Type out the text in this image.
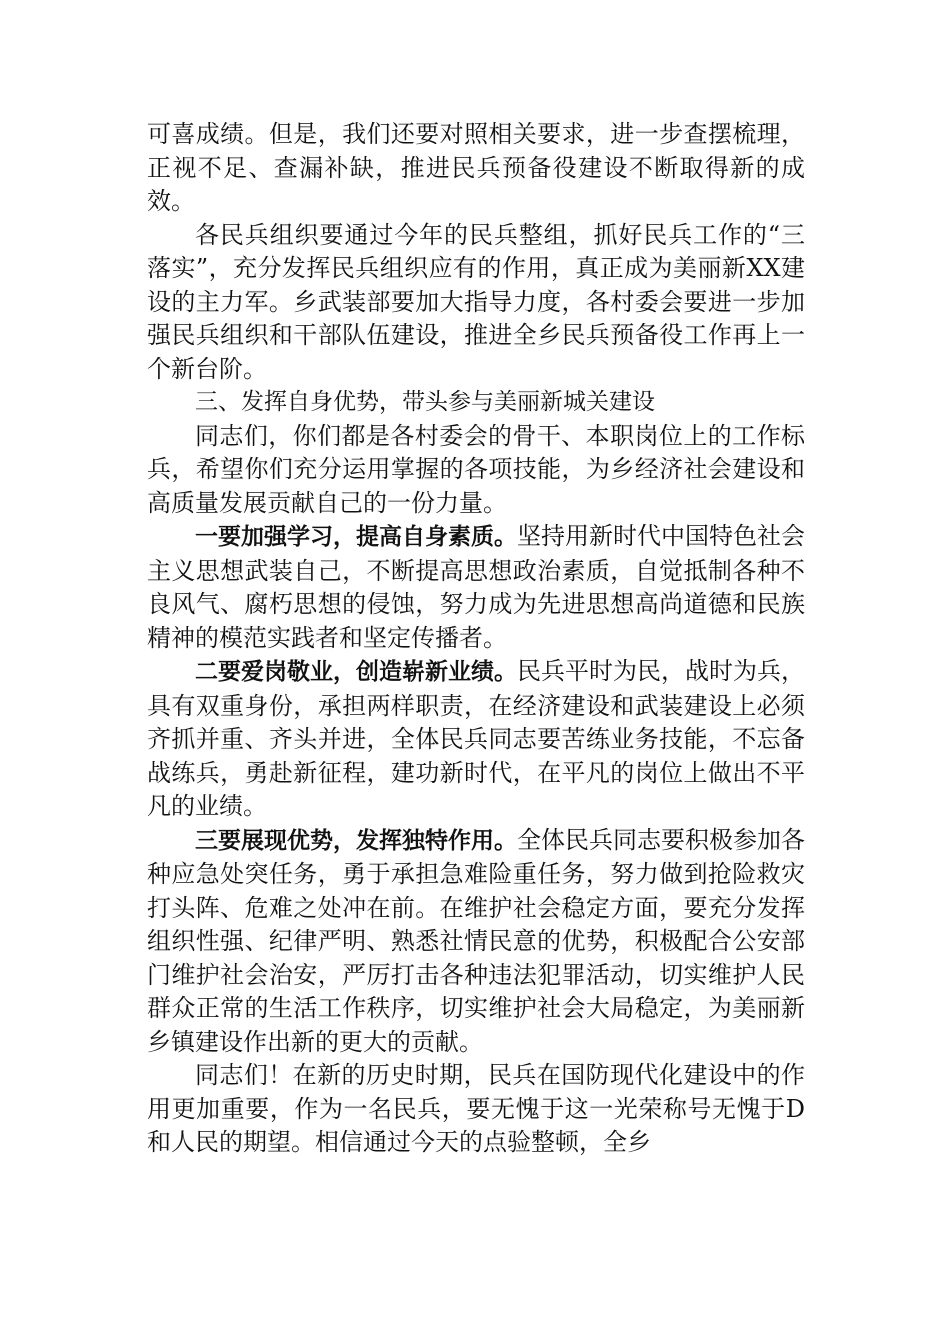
可喜成绩。但是，我们还要对照相关要求，进一步查摆梳理，正视不足、查漏补缺，推进民兵预备役建设不断取得新的成效。

各民兵组织要通过今年的民兵整组，抓好民兵工作的“三落实”，充分发挥民兵组织应有的作用，真正成为美丽新XX建设的主力军。乡武装部要加大指导力度，各村委会要进一步加强民兵组织和干部队伍建设，推进全乡民兵预备役工作再上一个新台阶。

三、发挥自身优势，带头参与美丽新城关建设

同志们，你们都是各村委会的骨干、本职岗位上的工作标兵，希望你们充分运用掌握的各项技能，为乡经济社会建设和高质量发展贡献自己的一份力量。

一要加强学习，提高自身素质。坚持用新时代中国特色社会主义思想武装自己，不断提高思想政治素质，自觉抵制各种不良风气、腐朽思想的侵蚀，努力成为先进思想高尚道德和民族精神的模范实践者和坚定传播者。

二要爱岗敬业，创造崭新业绩。民兵平时为民，战时为兵，具有双重身份，承担两样职责，在经济建设和武装建设上必须齐抓并重、齐头并进，全体民兵同志要苦练业务技能，不忘备战练兵，勇赴新征程，建功新时代，在平凡的岗位上做出不平凡的业绩。

三要展现优势，发挥独特作用。全体民兵同志要积极参加各种应急处突任务，勇于承担急难险重任务，努力做到抢险救灾打头阵、危难之处冲在前。在维护社会稳定方面，要充分发挥组织性强、纪律严明、熟悉社情民意的优势，积极配合公安部门维护社会治安，严厉打击各种违法犯罪活动，切实维护人民群众正常的生活工作秩序，切实维护社会大局稳定，为美丽新乡镇建设作出新的更大的贡献。

同志们！在新的历史时期，民兵在国防现代化建设中的作用更加重要，作为一名民兵，要无愧于这一光荣称号无愧于D和人民的期望。相信通过今天的点验整顿，全乡
